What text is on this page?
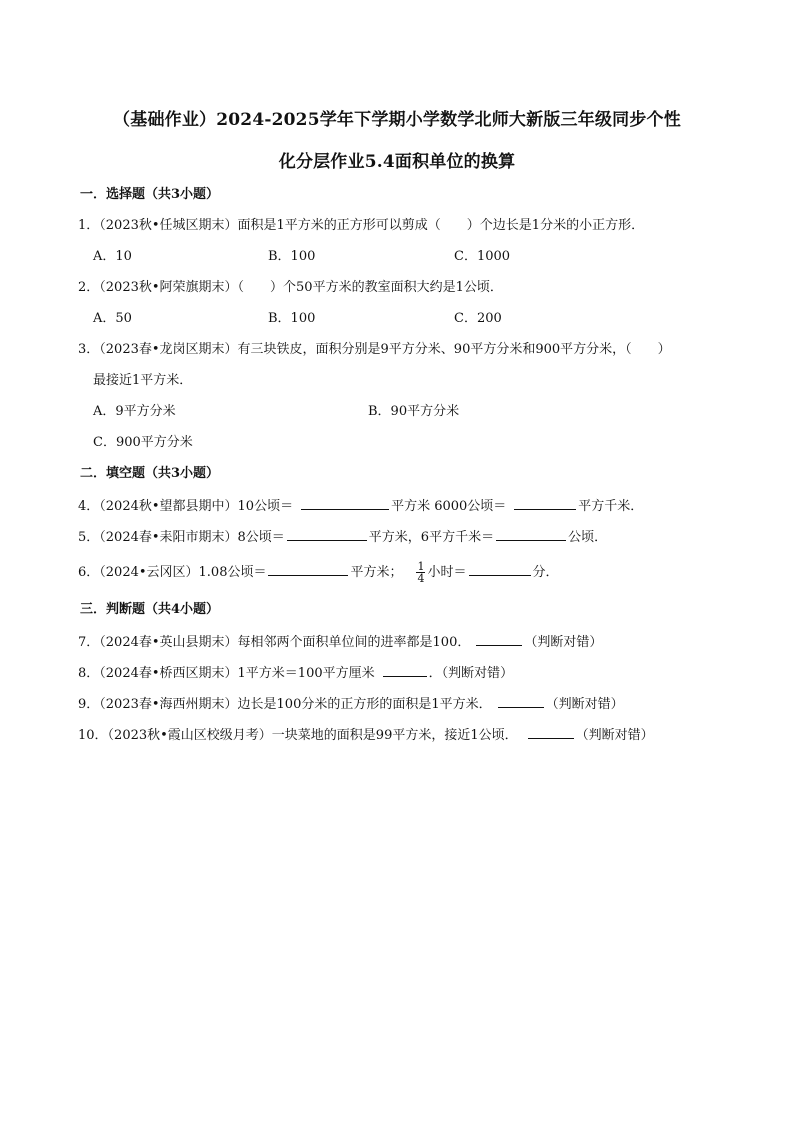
（基础作业）2024-2025学年下学期小学数学北师大新版三年级同步个性
化分层作业5.4面积单位的换算
一．选择题（共3小题）
1．（2023秋•任城区期末）面积是1平方米的正方形可以剪成（　　）个边长是1分米的小正方形．
A．10	B．100	C．1000
2．（2023秋•阿荣旗期末）（　　）个50平方米的教室面积大约是1公顷．
A．50	B．100	C．200
3．（2023春•龙岗区期末）有三块铁皮，面积分别是9平方分米、90平方分米和900平方分米，（　　）
最接近1平方米．
A．9平方分米	B．90平方分米
C．900平方分米
二．填空题（共3小题）
4．（2024秋•望都县期中）10公顷＝	平方米 6000公顷＝	平方千米．
5．（2024春•耒阳市期末）8公顷＝	平方米，6平方千米＝	公顷．
6．（2024•云冈区）1.08公顷＝	平方米； $\frac{1}{4}$ 小时＝	分．
三．判断题（共4小题）
7．（2024春•英山县期末）每相邻两个面积单位间的进率都是100．	（判断对错）
8．（2024春•桥西区期末）1平方米＝100平方厘米	．（判断对错）
9．（2023春•海西州期末）边长是100分米的正方形的面积是1平方米．	（判断对错）
10．（2023秋•霞山区校级月考）一块菜地的面积是99平方米，接近1公顷．	（判断对错）
